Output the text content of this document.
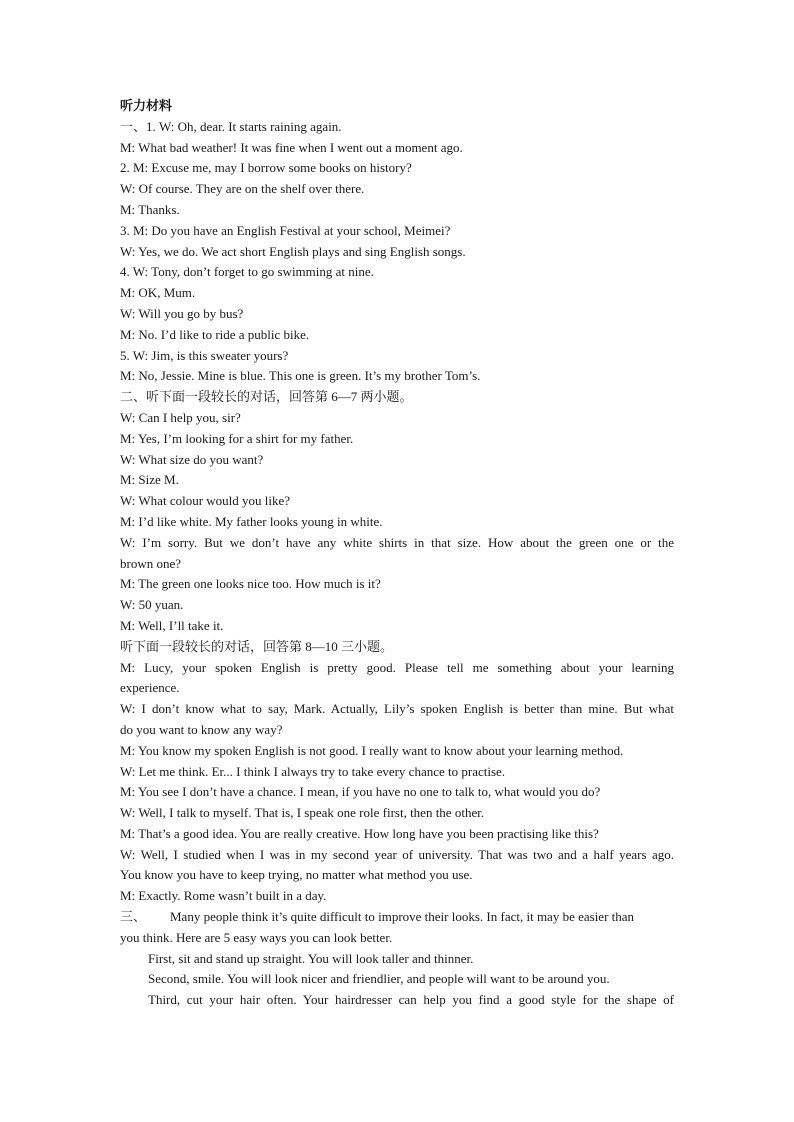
听力材料
一、1. W: Oh, dear. It starts raining again.
M: What bad weather! It was fine when I went out a moment ago.
2. M: Excuse me, may I borrow some books on history?
W: Of course. They are on the shelf over there.
M: Thanks.
3. M: Do you have an English Festival at your school, Meimei?
W: Yes, we do. We act short English plays and sing English songs.
4. W: Tony, don’t forget to go swimming at nine.
M: OK, Mum.
W: Will you go by bus?
M: No. I’d like to ride a public bike.
5. W: Jim, is this sweater yours?
M: No, Jessie. Mine is blue. This one is green. It’s my brother Tom’s.
二、听下面一段较长的对话，回答第 6—7 两小题。
W: Can I help you, sir?
M: Yes, I’m looking for a shirt for my father.
W: What size do you want?
M: Size M.
W: What colour would you like?
M: I’d like white. My father looks young in white.
W: I’m sorry. But we don’t have any white shirts in that size. How about the green one or the
brown one?
M: The green one looks nice too. How much is it?
W: 50 yuan.
M: Well, I’ll take it.
听下面一段较长的对话，回答第 8—10 三小题。
M: Lucy, your spoken English is pretty good. Please tell me something about your learning
experience.
W: I don’t know what to say, Mark. Actually, Lily’s spoken English is better than mine. But what
do you want to know any way?
M: You know my spoken English is not good. I really want to know about your learning method.
W: Let me think. Er... I think I always try to take every chance to practise.
M: You see I don’t have a chance. I mean, if you have no one to talk to, what would you do?
W: Well, I talk to myself. That is, I speak one role first, then the other.
M: That’s a good idea. You are really creative. How long have you been practising like this?
W: Well, I studied when I was in my second year of university. That was two and a half years ago.
You know you have to keep trying, no matter what method you use.
M: Exactly. Rome wasn’t built in a day.
三、 Many people think it’s quite difficult to improve their looks. In fact, it may be easier than
you think. Here are 5 easy ways you can look better.
First, sit and stand up straight. You will look taller and thinner.
Second, smile. You will look nicer and friendlier, and people will want to be around you.
Third, cut your hair often. Your hairdresser can help you find a good style for the shape of
